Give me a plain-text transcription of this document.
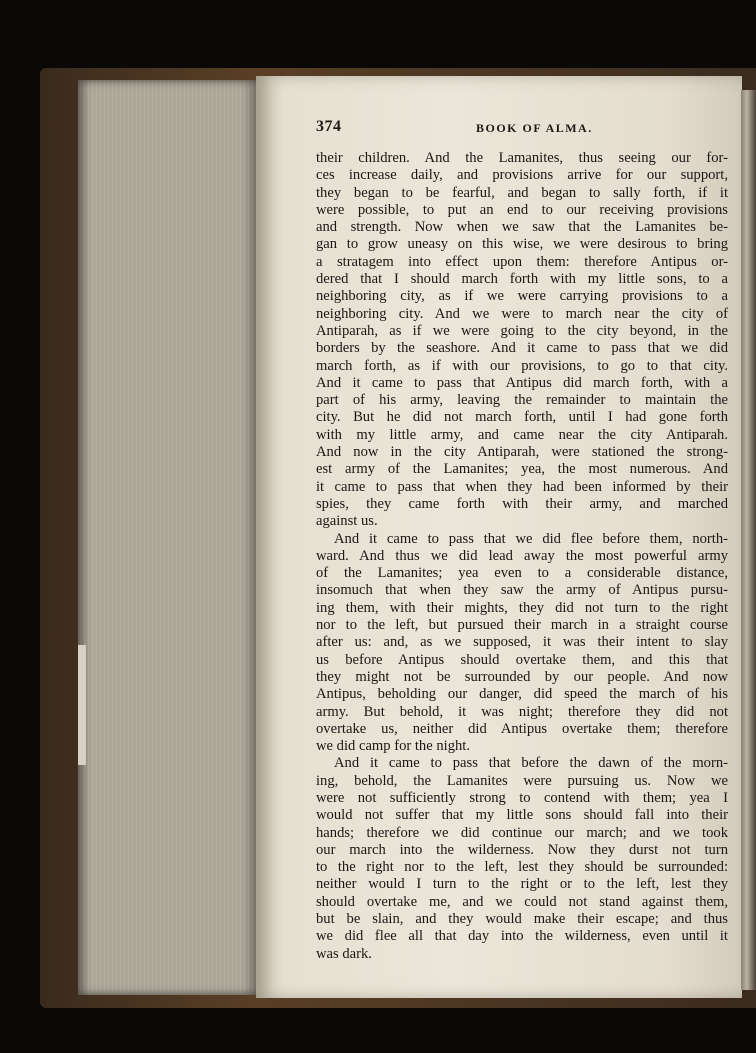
374	BOOK OF ALMA.
their children. And the Lamanites, thus seeing our for-
ces increase daily, and provisions arrive for our support,
they began to be fearful, and began to sally forth, if it
were possible, to put an end to our receiving provisions
and strength. Now when we saw that the Lamanites be-
gan to grow uneasy on this wise, we were desirous to bring
a stratagem into effect upon them: therefore Antipus or-
dered that I should march forth with my little sons, to a
neighboring city, as if we were carrying provisions to a
neighboring city. And we were to march near the city of
Antiparah, as if we were going to the city beyond, in the
borders by the seashore. And it came to pass that we did
march forth, as if with our provisions, to go to that city.
And it came to pass that Antipus did march forth, with a
part of his army, leaving the remainder to maintain the
city. But he did not march forth, until I had gone forth
with my little army, and came near the city Antiparah.
And now in the city Antiparah, were stationed the strong-
est army of the Lamanites; yea, the most numerous. And
it came to pass that when they had been informed by their
spies, they came forth with their army, and marched
against us.
And it came to pass that we did flee before them, north-
ward. And thus we did lead away the most powerful army
of the Lamanites; yea even to a considerable distance,
insomuch that when they saw the army of Antipus pursu-
ing them, with their mights, they did not turn to the right
nor to the left, but pursued their march in a straight course
after us: and, as we supposed, it was their intent to slay
us before Antipus should overtake them, and this that
they might not be surrounded by our people. And now
Antipus, beholding our danger, did speed the march of his
army. But behold, it was night; therefore they did not
overtake us, neither did Antipus overtake them; therefore
we did camp for the night.
And it came to pass that before the dawn of the morn-
ing, behold, the Lamanites were pursuing us. Now we
were not sufficiently strong to contend with them; yea I
would not suffer that my little sons should fall into their
hands; therefore we did continue our march; and we took
our march into the wilderness. Now they durst not turn
to the right nor to the left, lest they should be surrounded:
neither would I turn to the right or to the left, lest they
should overtake me, and we could not stand against them,
but be slain, and they would make their escape; and thus
we did flee all that day into the wilderness, even until it
was dark.
